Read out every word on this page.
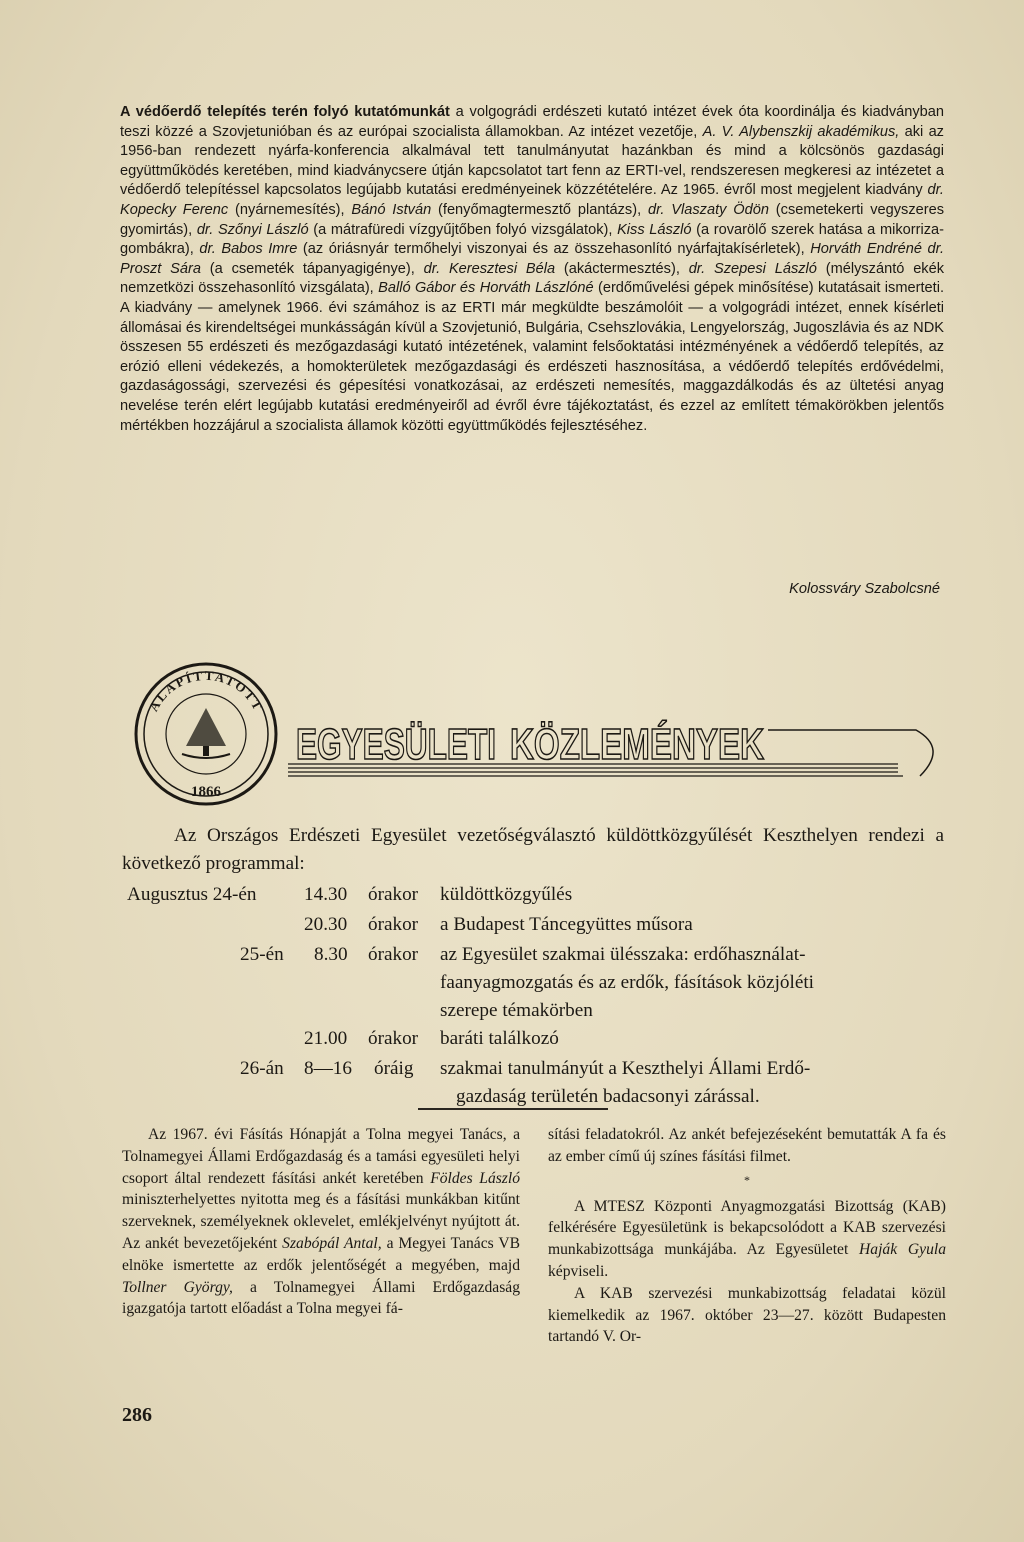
A védőerdő telepítés terén folyó kutatómunkát a volgográdi erdészeti kutató intézet évek óta koordinálja és kiadványban teszi közzé a Szovjetunióban és az európai szocialista államokban. Az intézet vezetője, A. V. Alybenszkij akadémikus, aki az 1956-ban rendezett nyárfa-konferencia alkalmával tett tanulmányutat hazánkban és mind a kölcsönös gazdasági együttműködés keretében, mind kiadványcsere útján kapcsolatot tart fenn az ERTI-vel, rendszeresen megkeresi az intézetet a védőerdő telepítéssel kapcsolatos legújabb kutatási eredményeinek közzétételére. Az 1965. évről most megjelent kiadvány dr. Kopecky Ferenc (nyárnemesítés), Bánó István (fenyőmagtermesztő plantázs), dr. Vlaszaty Ödön (csemetekerti vegyszeres gyomirtás), dr. Szőnyi László (a mátrafüredi vízgyűjtőben folyó vizsgálatok), Kiss László (a rovarölő szerek hatása a mikorriza-gombákra), dr. Babos Imre (az óriásnyár termőhelyi viszonyai és az összehasonlító nyárfajtakísérletek), Horváth Endréné dr. Proszt Sára (a csemeték tápanyagigénye), dr. Keresztesi Béla (akáctermesztés), dr. Szepesi László (mélyszántó ekék nemzetközi összehasonlító vizsgálata), Balló Gábor és Horváth Lászlóné (erdőművelési gépek minősítése) kutatásait ismerteti. A kiadvány — amelynek 1966. évi számához is az ERTI már megküldte beszámolóit — a volgográdi intézet, ennek kísérleti állomásai és kirendeltségei munkásságán kívül a Szovjetunió, Bulgária, Csehszlovákia, Lengyelország, Jugoszlávia és az NDK összesen 55 erdészeti és mezőgazdasági kutató intézetének, valamint felsőoktatási intézményének a védőerdő telepítés, az erózió elleni védekezés, a homokterületek mezőgazdasági és erdészeti hasznosítása, a védőerdő telepítés erdővédelmi, gazdaságossági, szervezési és gépesítési vonatkozásai, az erdészeti nemesítés, maggazdálkodás és az ültetési anyag nevelése terén elért legújabb kutatási eredményeiről ad évről évre tájékoztatást, és ezzel az említett témakörökben jelentős mértékben hozzájárul a szocialista államok közötti együttműködés fejlesztéséhez.

Kolossváry Szabolcsné
ALAPÍTTATOTT
1866
EGYESÜLETI KÖZLEMÉNYEK

Az Országos Erdészeti Egyesület vezetőségválasztó küldöttközgyűlését Keszthelyen rendezi a következő programmal:

Augusztus 24-én 14.30 órakor küldöttközgyűlés
20.30 órakor a Budapest Táncegyüttes műsora
25-én 8.30 órakor az Egyesület szakmai ülésszaka: erdőhasználat-
faanyagmozgatás és az erdők, fásítások közjóléti
szerepe témakörben
21.00 órakor baráti találkozó
26-án 8—16 óráig szakmai tanulmányút a Keszthelyi Állami Erdő-
gazdaság területén badacsonyi zárással.

Az 1967. évi Fásítás Hónapját a Tolna megyei Tanács, a Tolnamegyei Állami Erdőgazdaság és a tamási egyesületi helyi csoport által rendezett fásítási ankét keretében Földes László miniszterhelyettes nyitotta meg és a fásítási munkákban kitűnt szerveknek, személyeknek oklevelet, emlékjelvényt nyújtott át. Az ankét bevezetőjeként Szabópál Antal, a Megyei Tanács VB elnöke ismertette az erdők jelentőségét a megyében, majd Tollner György, a Tolnamegyei Állami Erdőgazdaság igazgatója tartott előadást a Tolna megyei fá-

sítási feladatokról. Az ankét befejezéseként bemutatták A fa és az ember című új színes fásítási filmet.

*

A MTESZ Központi Anyagmozgatási Bizottság (KAB) felkérésére Egyesületünk is bekapcsolódott a KAB szervezési munkabizottsága munkájába. Az Egyesületet Haják Gyula képviseli.

A KAB szervezési munkabizottság feladatai közül kiemelkedik az 1967. október 23—27. között Budapesten tartandó V. Or-

286
